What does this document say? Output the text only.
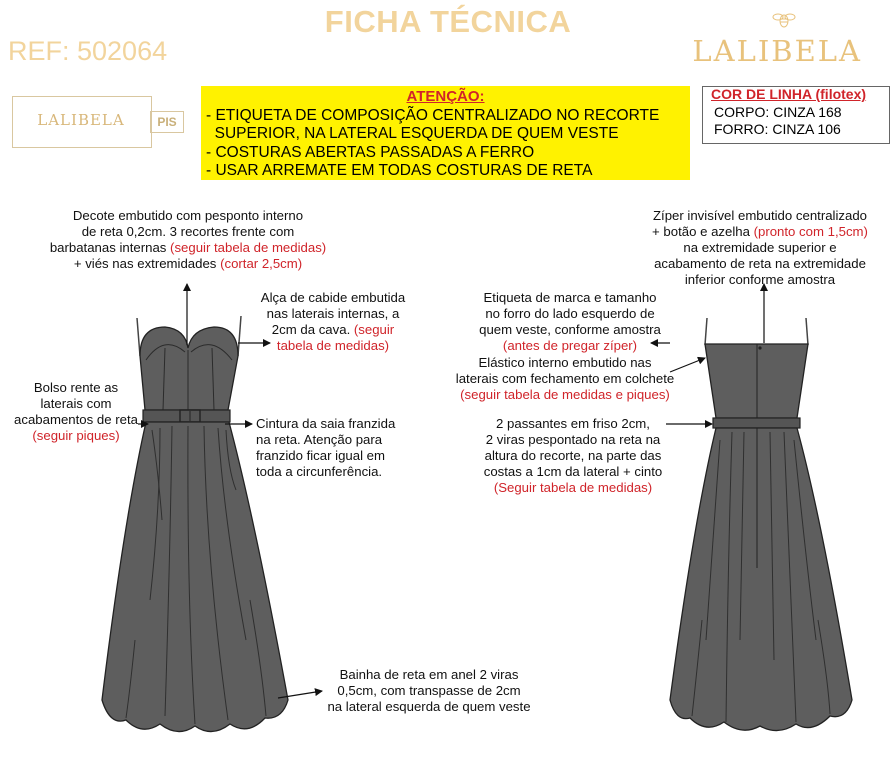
FICHA TÉCNICA
REF: 502064	LALIBELA
LALIBELA	PIS
ATENÇÃO:
- ETIQUETA DE COMPOSIÇÃO CENTRALIZADO NO RECORTE
SUPERIOR, NA LATERAL ESQUERDA DE QUEM VESTE
- COSTURAS ABERTAS PASSADAS A FERRO
- USAR ARREMATE EM TODAS COSTURAS DE RETA
COR DE LINHA (filotex)
CORPO: CINZA 168
FORRO: CINZA 106
Decote embutido com pesponto interno
de reta 0,2cm. 3 recortes frente com
barbatanas internas (seguir tabela de medidas)
+ viés nas extremidades (cortar 2,5cm)
Alça de cabide embutida
nas laterais internas, a
2cm da cava. (seguir
tabela de medidas)
Bolso rente as
laterais com
acabamentos de reta
(seguir piques)
Cintura da saia franzida
na reta. Atenção para
franzido ficar igual em
toda a circunferência.
Bainha de reta em anel 2 viras
0,5cm, com transpasse de 2cm
na lateral esquerda de quem veste
Zíper invisível embutido centralizado
+ botão e azelha (pronto com 1,5cm)
na extremidade superior e
acabamento de reta na extremidade
inferior conforme amostra
Etiqueta de marca e tamanho
no forro do lado esquerdo de
quem veste, conforme amostra
(antes de pregar zíper)
Elástico interno embutido nas
laterais com fechamento em colchete
(seguir tabela de medidas e piques)
2 passantes em friso 2cm,
2 viras pespontado na reta na
altura do recorte, na parte das
costas a 1cm da lateral + cinto
(Seguir tabela de medidas)
